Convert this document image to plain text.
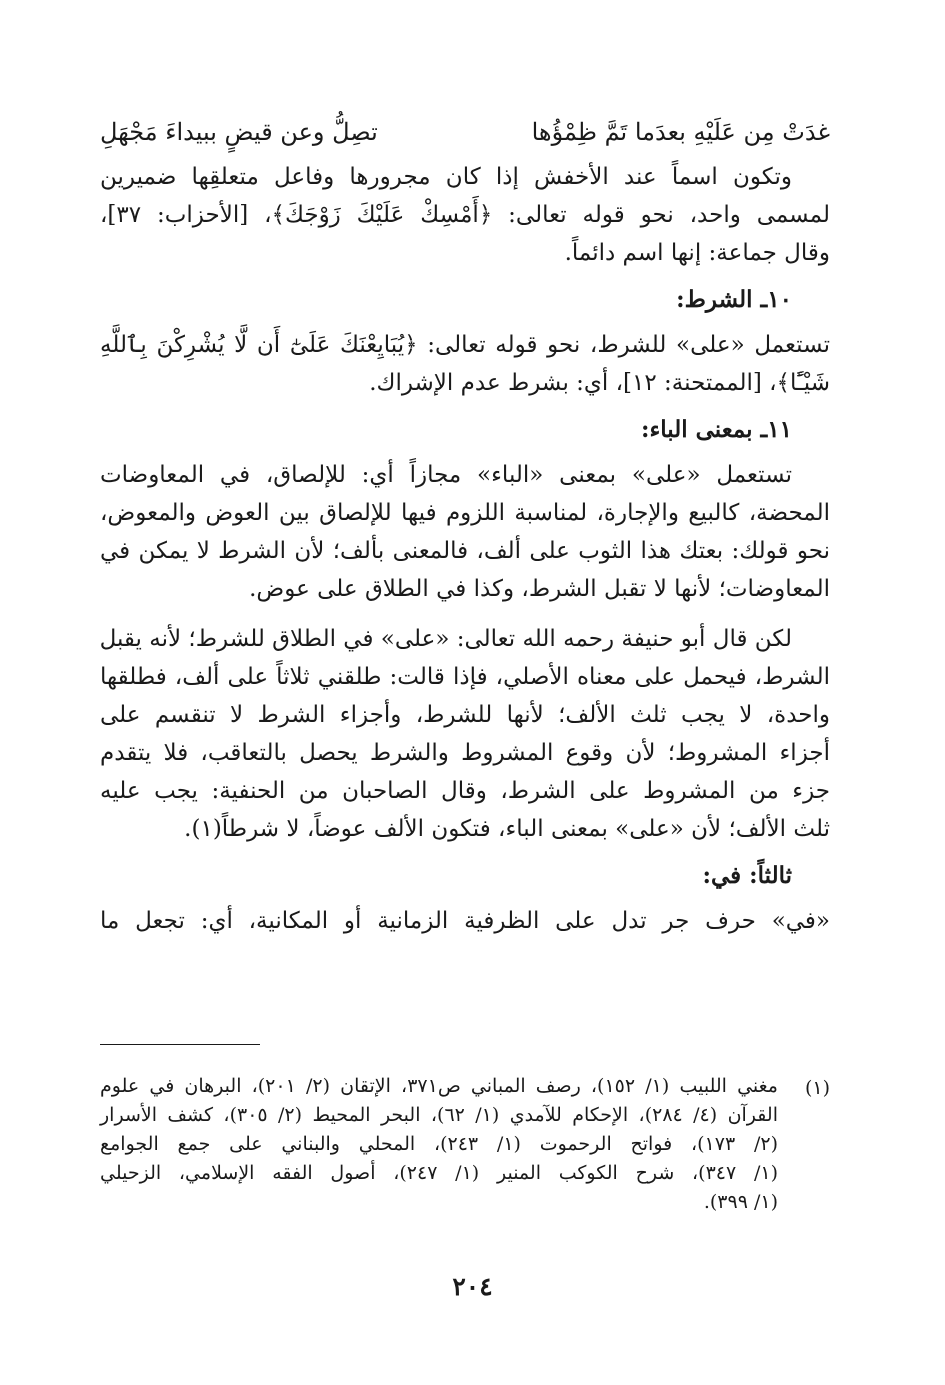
غدَتْ مِن عَلَيْهِ بعدَما تَمَّ ظِمْؤُها
تصِلُّ وعن قيضٍ ببيداءَ مَجْهَلِ
وتكون اسماً عند الأخفش إذا كان مجرورها وفاعل متعلقِها ضميرين
لمسمى واحد، نحو قوله تعالى: ﴿أَمْسِكْ عَلَيْكَ زَوْجَكَ﴾، [الأحزاب: ٣٧]،
وقال جماعة: إنها اسم دائماً.
١٠ـ الشرط:
تستعمل «على» للشرط، نحو قوله تعالى: ﴿يُبَايِعْنَكَ عَلَىٰٓ أَن لَّا يُشْرِكْنَ بِٱللَّهِ
شَيْـًٔا﴾، [الممتحنة: ١٢]، أي: بشرط عدم الإشراك.
١١ـ بمعنى الباء:
تستعمل «على» بمعنى «الباء» مجازاً أي: للإلصاق، في المعاوضات
المحضة، كالبيع والإجارة، لمناسبة اللزوم فيها للإلصاق بين العوض والمعوض،
نحو قولك: بعتك هذا الثوب على ألف، فالمعنى بألف؛ لأن الشرط لا يمكن في
المعاوضات؛ لأنها لا تقبل الشرط، وكذا في الطلاق على عوض.
لكن قال أبو حنيفة رحمه الله تعالى: «على» في الطلاق للشرط؛ لأنه يقبل
الشرط، فيحمل على معناه الأصلي، فإذا قالت: طلقني ثلاثاً على ألف، فطلقها
واحدة، لا يجب ثلث الألف؛ لأنها للشرط، وأجزاء الشرط لا تنقسم على
أجزاء المشروط؛ لأن وقوع المشروط والشرط يحصل بالتعاقب، فلا يتقدم
جزء من المشروط على الشرط، وقال الصاحبان من الحنفية: يجب عليه
ثلث الألف؛ لأن «على» بمعنى الباء، فتكون الألف عوضاً، لا شرطاً(١).
ثالثاً: في:
«في» حرف جر تدل على الظرفية الزمانية أو المكانية، أي: تجعل ما
(١)
مغني اللبيب (١/ ١٥٢)، رصف المباني ص٣٧١، الإتقان (٢/ ٢٠١)، البرهان في علوم
القرآن (٤/ ٢٨٤)، الإحكام للآمدي (١/ ٦٢)، البحر المحيط (٢/ ٣٠٥)، كشف الأسرار
(٢/ ١٧٣)، فواتح الرحموت (١/ ٢٤٣)، المحلي والبناني على جمع الجوامع
(١/ ٣٤٧)، شرح الكوكب المنير (١/ ٢٤٧)، أصول الفقه الإسلامي، الزحيلي
(١/ ٣٩٩).
٢٠٤
